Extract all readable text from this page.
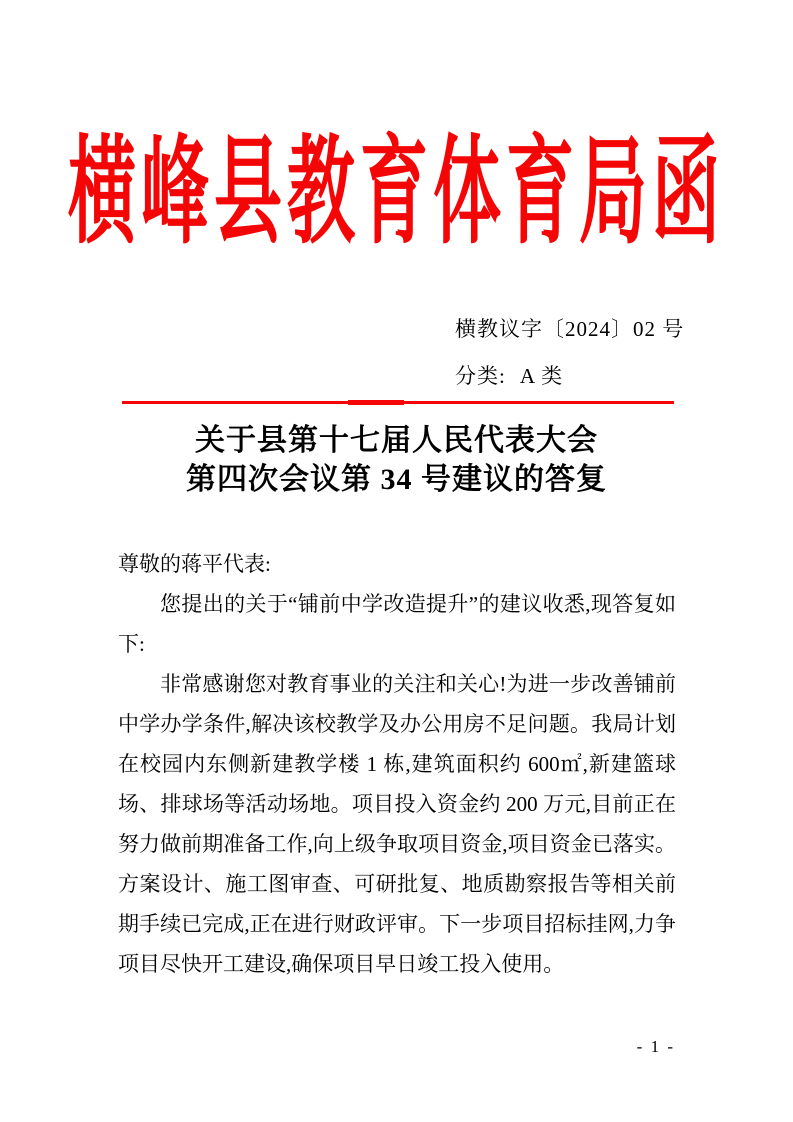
横峰县教育体育局函
横教议字〔2024〕02 号
分类: A 类
关于县第十七届人民代表大会
第四次会议第 34 号建议的答复

尊敬的蒋平代表:

您提出的关于“铺前中学改造提升”的建议收悉,现答复如下:

非常感谢您对教育事业的关注和关心!为进一步改善铺前中学办学条件,解决该校教学及办公用房不足问题。我局计划在校园内东侧新建教学楼 1 栋,建筑面积约 600㎡,新建篮球场、排球场等活动场地。项目投入资金约 200 万元,目前正在努力做前期准备工作,向上级争取项目资金,项目资金已落实。方案设计、施工图审查、可研批复、地质勘察报告等相关前期手续已完成,正在进行财政评审。下一步项目招标挂网,力争项目尽快开工建设,确保项目早日竣工投入使用。

- 1 -
